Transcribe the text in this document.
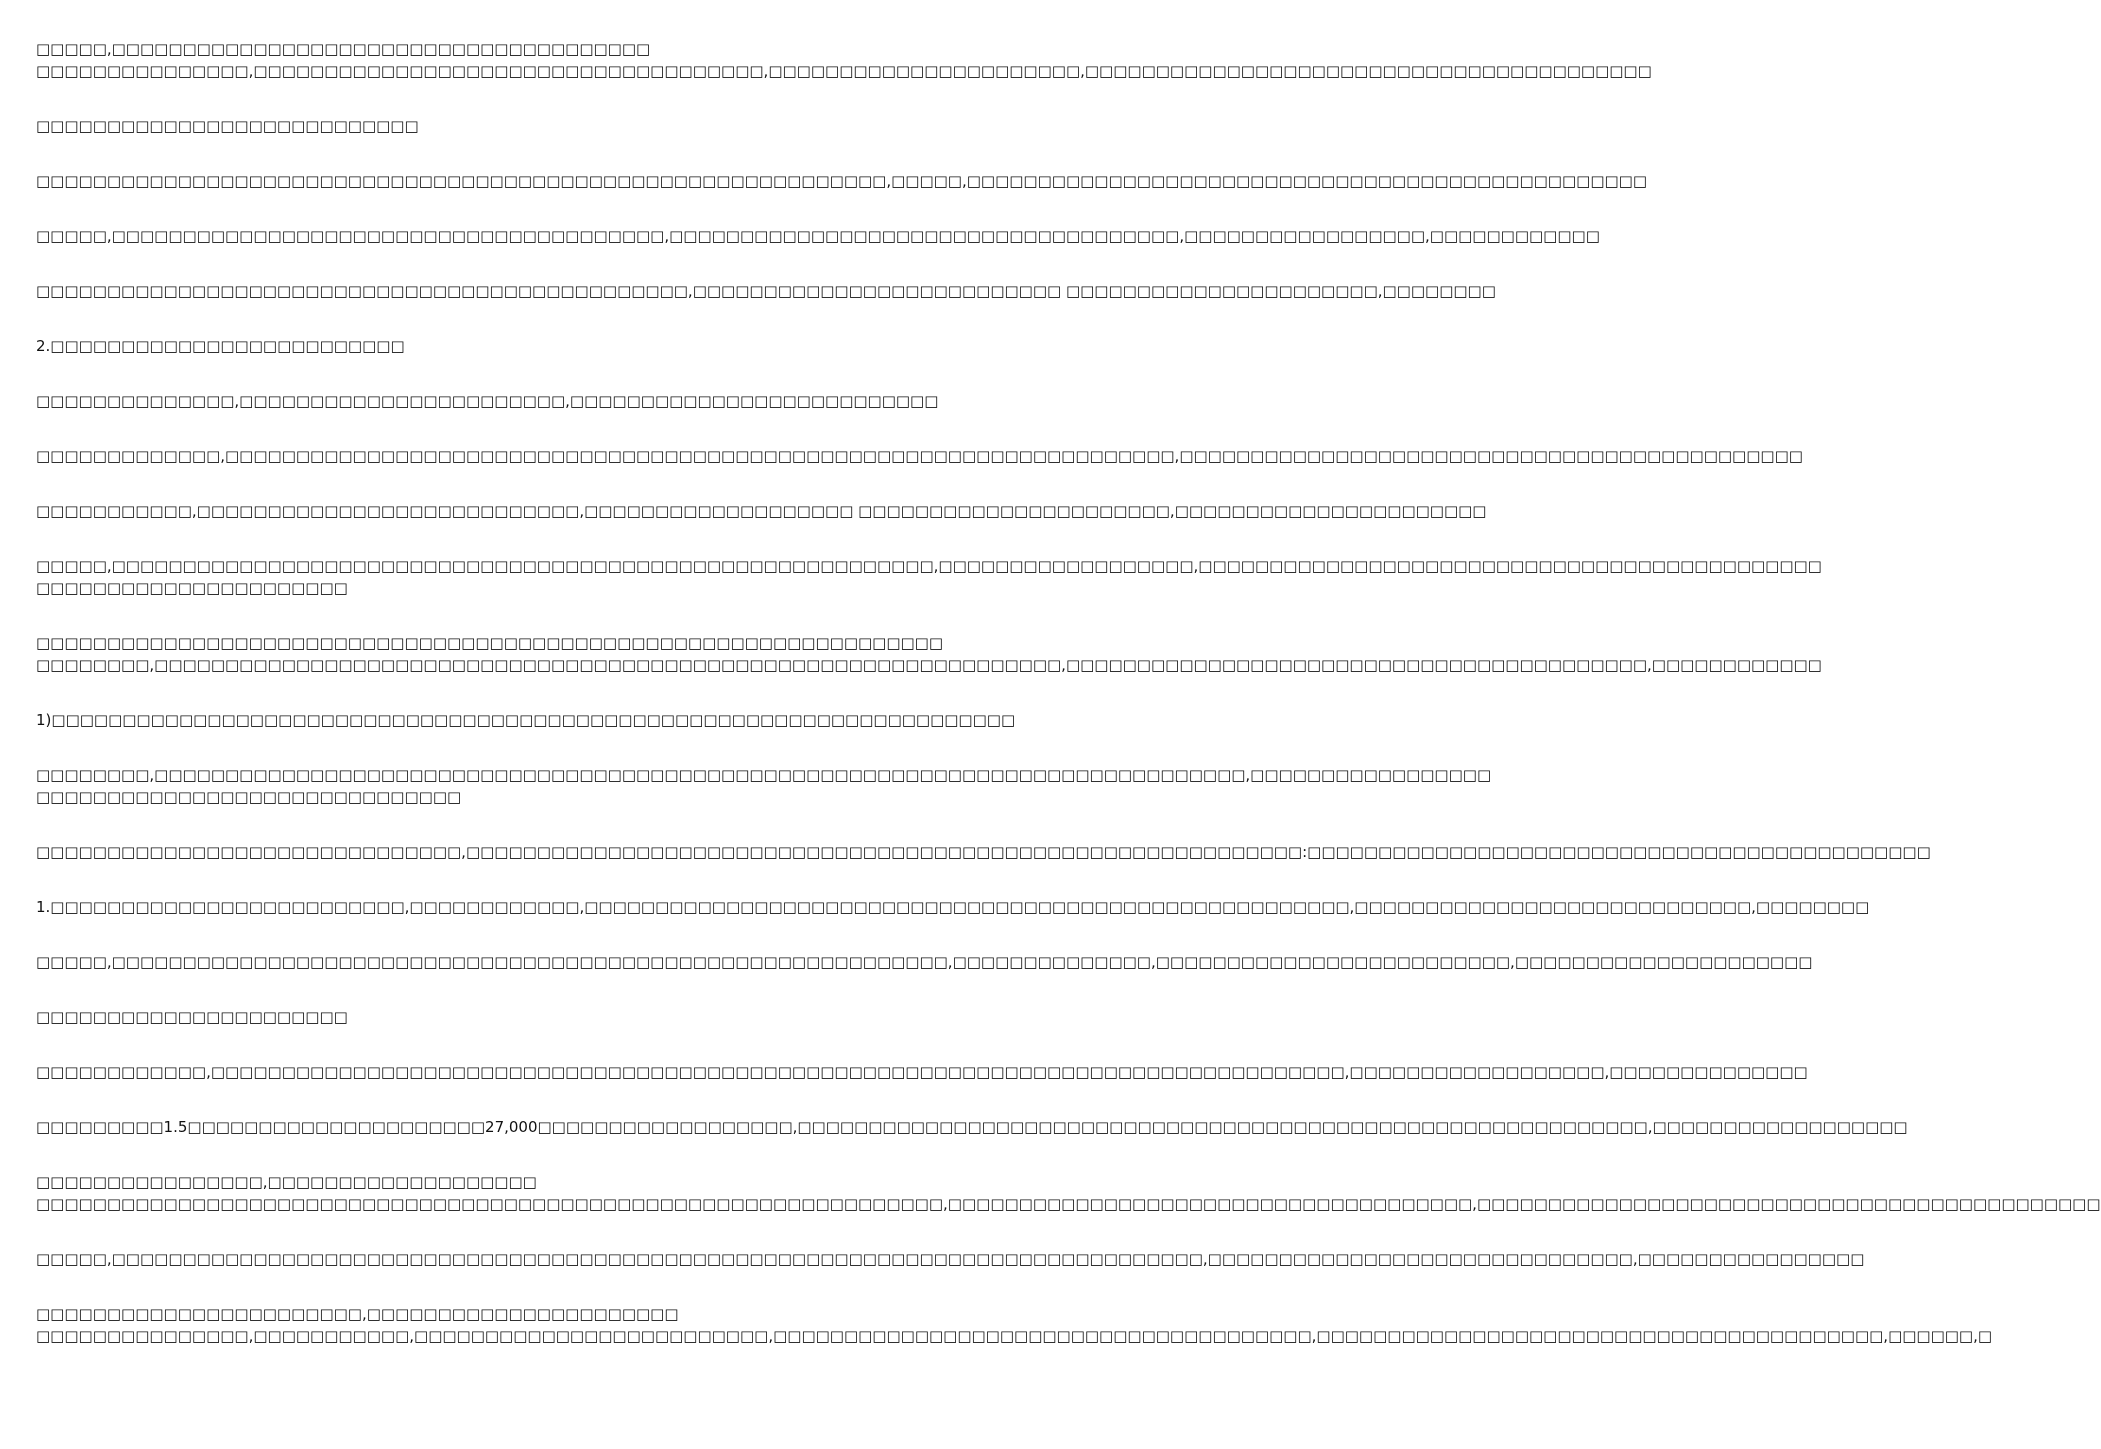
□□□□□,□□□□□□□□□□□□□□□□□□□□□□□□□□□□□□□□□□□□□□
□□□□□□□□□□□□□□□,□□□□□□□□□□□□□□□□□□□□□□□□□□□□□□□□□□□□,□□□□□□□□□□□□□□□□□□□□□□,□□□□□□□□□□□□□□□□□□□□□□□□□□□□□□□□□□□□□□□□
□□□□□□□□□□□□□□□□□□□□□□□□□□□
□□□□□□□□□□□□□□□□□□□□□□□□□□□□□□□□□□□□□□□□□□□□□□□□□□□□□□□□□□□□,□□□□□,□□□□□□□□□□□□□□□□□□□□□□□□□□□□□□□□□□□□□□□□□□□□□□□□
□□□□□,□□□□□□□□□□□□□□□□□□□□□□□□□□□□□□□□□□□□□□□,□□□□□□□□□□□□□□□□□□□□□□□□□□□□□□□□□□□□,□□□□□□□□□□□□□□□□□,□□□□□□□□□□□□
□□□□□□□□□□□□□□□□□□□□□□□□□□□□□□□□□□□□□□□□□□□□□□,□□□□□□□□□□□□□□□□□□□□□□□□□□ □□□□□□□□□□□□□□□□□□□□□□,□□□□□□□□
2.□□□□□□□□□□□□□□□□□□□□□□□□□
□□□□□□□□□□□□□□,□□□□□□□□□□□□□□□□□□□□□□□,□□□□□□□□□□□□□□□□□□□□□□□□□□
□□□□□□□□□□□□□,□□□□□□□□□□□□□□□□□□□□□□□□□□□□□□□□□□□□□□□□□□□□□□□□□□□□□□□□□□□□□□□□□□□,□□□□□□□□□□□□□□□□□□□□□□□□□□□□□□□□□□□□□□□□□□□□
□□□□□□□□□□□,□□□□□□□□□□□□□□□□□□□□□□□□□□□,□□□□□□□□□□□□□□□□□□□ □□□□□□□□□□□□□□□□□□□□□□,□□□□□□□□□□□□□□□□□□□□□□
□□□□□,□□□□□□□□□□□□□□□□□□□□□□□□□□□□□□□□□□□□□□□□□□□□□□□□□□□□□□□□□□,□□□□□□□□□□□□□□□□□□,□□□□□□□□□□□□□□□□□□□□□□□□□□□□□□□□□□□□□□□□□□□□
□□□□□□□□□□□□□□□□□□□□□□
□□□□□□□□□□□□□□□□□□□□□□□□□□□□□□□□□□□□□□□□□□□□□□□□□□□□□□□□□□□□□□□□
□□□□□□□□,□□□□□□□□□□□□□□□□□□□□□□□□□□□□□□□□□□□□□□□□□□□□□□□□□□□□□□□□□□□□□□□□,□□□□□□□□□□□□□□□□□□□□□□□□□□□□□□□□□□□□□□□□□,□□□□□□□□□□□□
1)□□□□□□□□□□□□□□□□□□□□□□□□□□□□□□□□□□□□□□□□□□□□□□□□□□□□□□□□□□□□□□□□□□□□
□□□□□□□□,□□□□□□□□□□□□□□□□□□□□□□□□□□□□□□□□□□□□□□□□□□□□□□□□□□□□□□□□□□□□□□□□□□□□□□□□□□□□□,□□□□□□□□□□□□□□□□□
□□□□□□□□□□□□□□□□□□□□□□□□□□□□□□
□□□□□□□□□□□□□□□□□□□□□□□□□□□□□□,□□□□□□□□□□□□□□□□□□□□□□□□□□□□□□□□□□□□□□□□□□□□□□□□□□□□□□□□□□□:□□□□□□□□□□□□□□□□□□□□□□□□□□□□□□□□□□□□□□□□□□□□
1.□□□□□□□□□□□□□□□□□□□□□□□□□,□□□□□□□□□□□□,□□□□□□□□□□□□□□□□□□□□□□□□□□□□□□□□□□□□□□□□□□□□□□□□□□□□□□,□□□□□□□□□□□□□□□□□□□□□□□□□□□□,□□□□□□□□
□□□□□,□□□□□□□□□□□□□□□□□□□□□□□□□□□□□□□□□□□□□□□□□□□□□□□□□□□□□□□□□□□,□□□□□□□□□□□□□□,□□□□□□□□□□□□□□□□□□□□□□□□□,□□□□□□□□□□□□□□□□□□□□□
□□□□□□□□□□□□□□□□□□□□□□
□□□□□□□□□□□□,□□□□□□□□□□□□□□□□□□□□□□□□□□□□□□□□□□□□□□□□□□□□□□□□□□□□□□□□□□□□□□□□□□□□□□□□□□□□□□□□,□□□□□□□□□□□□□□□□□□,□□□□□□□□□□□□□□
□□□□□□□□□1.5□□□□□□□□□□□□□□□□□□□□□27,000□□□□□□□□□□□□□□□□□□,□□□□□□□□□□□□□□□□□□□□□□□□□□□□□□□□□□□□□□□□□□□□□□□□□□□□□□□□□□□□,□□□□□□□□□□□□□□□□□□
□□□□□□□□□□□□□□□□,□□□□□□□□□□□□□□□□□□□
□□□□□□□□□□□□□□□□□□□□□□□□□□□□□□□□□□□□□□□□□□□□□□□□□□□□□□□□□□□□□□□□,□□□□□□□□□□□□□□□□□□□□□□□□□□□□□□□□□□□□□,□□□□□□□□□□□□□□□□□□□□□□□□□□□□□□□□□□□□□□□□□□□□
□□□□□,□□□□□□□□□□□□□□□□□□□□□□□□□□□□□□□□□□□□□□□□□□□□□□□□□□□□□□□□□□□□□□□□□□□□□□□□□□□□□,□□□□□□□□□□□□□□□□□□□□□□□□□□□□□□,□□□□□□□□□□□□□□□□
□□□□□□□□□□□□□□□□□□□□□□□,□□□□□□□□□□□□□□□□□□□□□□
□□□□□□□□□□□□□□□,□□□□□□□□□□□,□□□□□□□□□□□□□□□□□□□□□□□□□,□□□□□□□□□□□□□□□□□□□□□□□□□□□□□□□□□□□□□□,□□□□□□□□□□□□□□□□□□□□□□□□□□□□□□□□□□□□□□□□,□□□□□□,□
